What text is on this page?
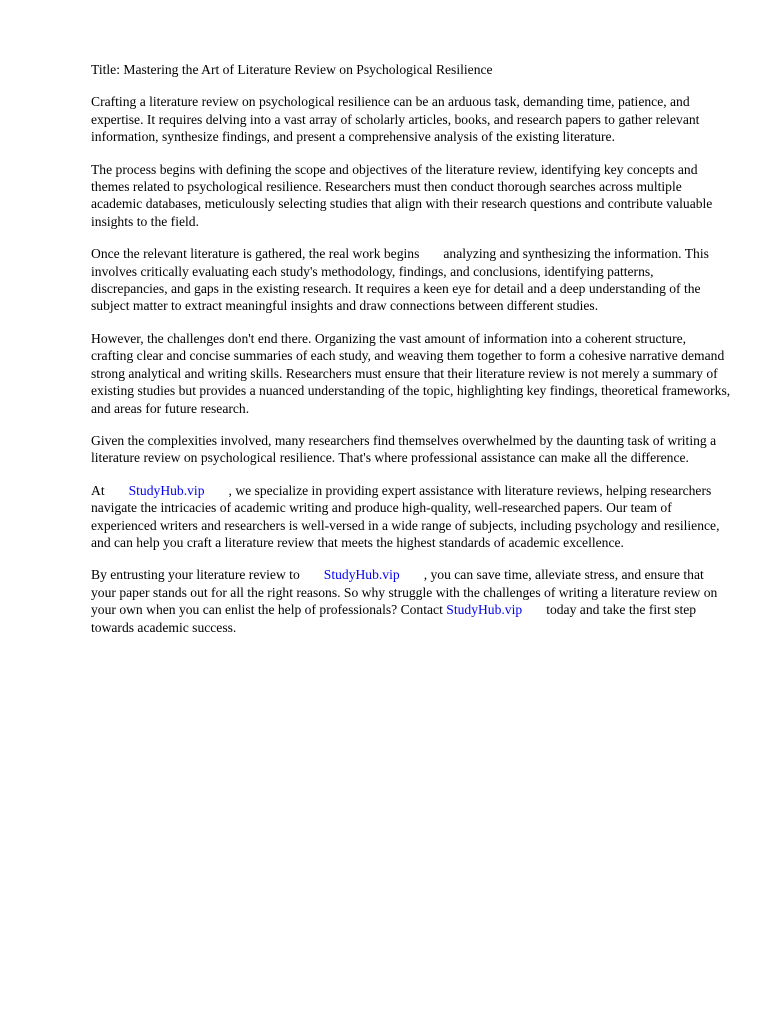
Title: Mastering the Art of Literature Review on Psychological Resilience

Crafting a literature review on psychological resilience can be an arduous task, demanding time, patience, and expertise. It requires delving into a vast array of scholarly articles, books, and research papers to gather relevant information, synthesize findings, and present a comprehensive analysis of the existing literature.

The process begins with defining the scope and objectives of the literature review, identifying key concepts and themes related to psychological resilience. Researchers must then conduct thorough searches across multiple academic databases, meticulously selecting studies that align with their research questions and contribute valuable insights to the field.

Once the relevant literature is gathered, the real work begins analyzing and synthesizing the information. This involves critically evaluating each study's methodology, findings, and conclusions, identifying patterns, discrepancies, and gaps in the existing research. It requires a keen eye for detail and a deep understanding of the subject matter to extract meaningful insights and draw connections between different studies.

However, the challenges don't end there. Organizing the vast amount of information into a coherent structure, crafting clear and concise summaries of each study, and weaving them together to form a cohesive narrative demand strong analytical and writing skills. Researchers must ensure that their literature review is not merely a summary of existing studies but provides a nuanced understanding of the topic, highlighting key findings, theoretical frameworks, and areas for future research.

Given the complexities involved, many researchers find themselves overwhelmed by the daunting task of writing a literature review on psychological resilience. That's where professional assistance can make all the difference.

At StudyHub.vip , we specialize in providing expert assistance with literature reviews, helping researchers navigate the intricacies of academic writing and produce high-quality, well-researched papers. Our team of experienced writers and researchers is well-versed in a wide range of subjects, including psychology and resilience, and can help you craft a literature review that meets the highest standards of academic excellence.

By entrusting your literature review to StudyHub.vip , you can save time, alleviate stress, and ensure that your paper stands out for all the right reasons. So why struggle with the challenges of writing a literature review on your own when you can enlist the help of professionals? Contact StudyHub.vip today and take the first step towards academic success.
